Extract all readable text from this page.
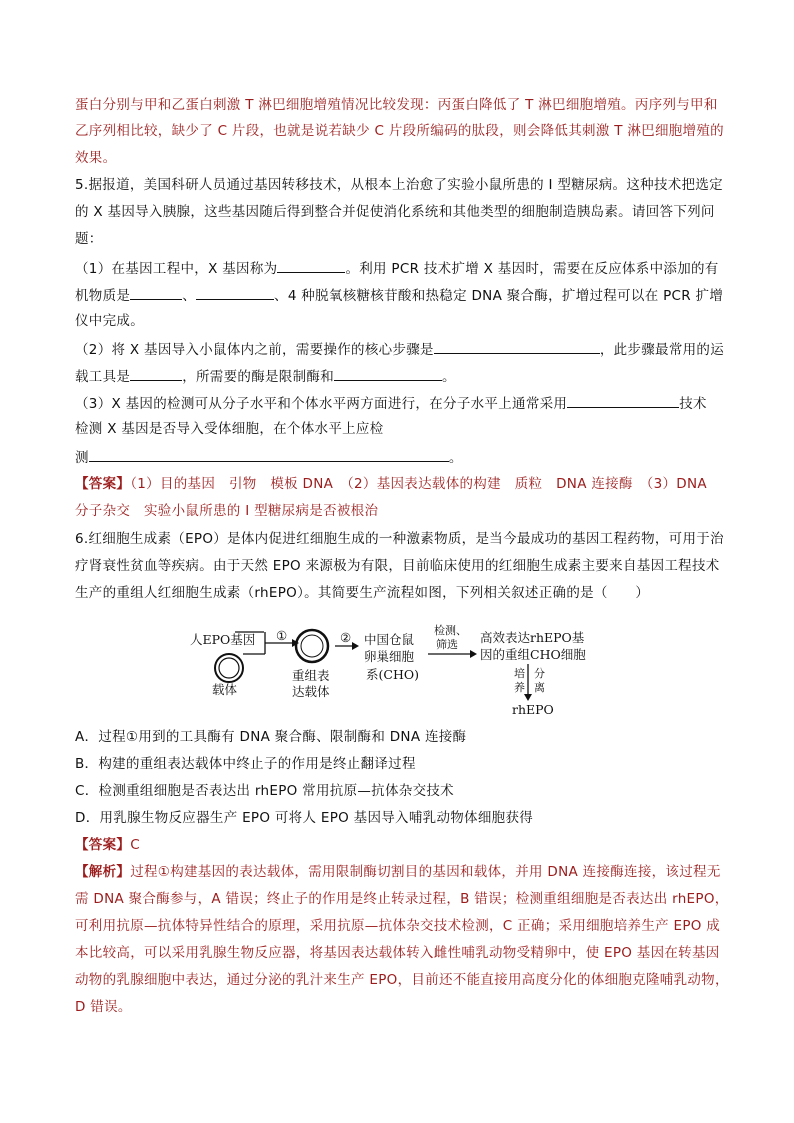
蛋白分别与甲和乙蛋白刺激 T 淋巴细胞增殖情况比较发现：丙蛋白降低了 T 淋巴细胞增殖。丙序列与甲和
乙序列相比较，缺少了 C 片段，也就是说若缺少 C 片段所编码的肽段，则会降低其刺激 T 淋巴细胞增殖的
效果。
5.据报道，美国科研人员通过基因转移技术，从根本上治愈了实验小鼠所患的 I 型糖尿病。这种技术把选定
的 X 基因导入胰腺，这些基因随后得到整合并促使消化系统和其他类型的细胞制造胰岛素。请回答下列问
题：
（1）在基因工程中，X 基因称为	。利用 PCR 技术扩增 X 基因时，需要在反应体系中添加的有
机物质是	、	、4 种脱氧核糖核苷酸和热稳定 DNA 聚合酶，扩增过程可以在 PCR 扩增
仪中完成。
（2）将 X 基因导入小鼠体内之前，需要操作的核心步骤是	，此步骤最常用的运
载工具是	，所需要的酶是限制酶和	。
（3）X 基因的检测可从分子水平和个体水平两方面进行，在分子水平上通常采用	技术
检测 X 基因是否导入受体细胞，在个体水平上应检
测	。
【答案】（1）目的基因　引物　模板 DNA　（2）基因表达载体的构建　质粒　DNA 连接酶　（3）DNA
分子杂交　实验小鼠所患的 I 型糖尿病是否被根治
6.红细胞生成素（EPO）是体内促进红细胞生成的一种激素物质，是当今最成功的基因工程药物，可用于治
疗肾衰性贫血等疾病。由于天然 EPO 来源极为有限，目前临床使用的红细胞生成素主要来自基因工程技术
生产的重组人红细胞生成素（rhEPO）。其简要生产流程如图，下列相关叙述正确的是（　　）
人EPO基因
载体
①
重组表
达载体
② 中国仓鼠
卵巢细胞
系(CHO)
检测、
筛选 高效表达rhEPO基
因的重组CHO细胞
培
养
分
离
rhEPO
A．过程①用到的工具酶有 DNA 聚合酶、限制酶和 DNA 连接酶
B．构建的重组表达载体中终止子的作用是终止翻译过程
C．检测重组细胞是否表达出 rhEPO 常用抗原—抗体杂交技术
D．用乳腺生物反应器生产 EPO 可将人 EPO 基因导入哺乳动物体细胞获得
【答案】C
【解析】过程①构建基因的表达载体，需用限制酶切割目的基因和载体，并用 DNA 连接酶连接，该过程无
需 DNA 聚合酶参与，A 错误；终止子的作用是终止转录过程，B 错误；检测重组细胞是否表达出 rhEPO，
可利用抗原—抗体特异性结合的原理，采用抗原—抗体杂交技术检测，C 正确；采用细胞培养生产 EPO 成
本比较高，可以采用乳腺生物反应器，将基因表达载体转入雌性哺乳动物受精卵中，使 EPO 基因在转基因
动物的乳腺细胞中表达，通过分泌的乳汁来生产 EPO，目前还不能直接用高度分化的体细胞克隆哺乳动物，
D 错误。
